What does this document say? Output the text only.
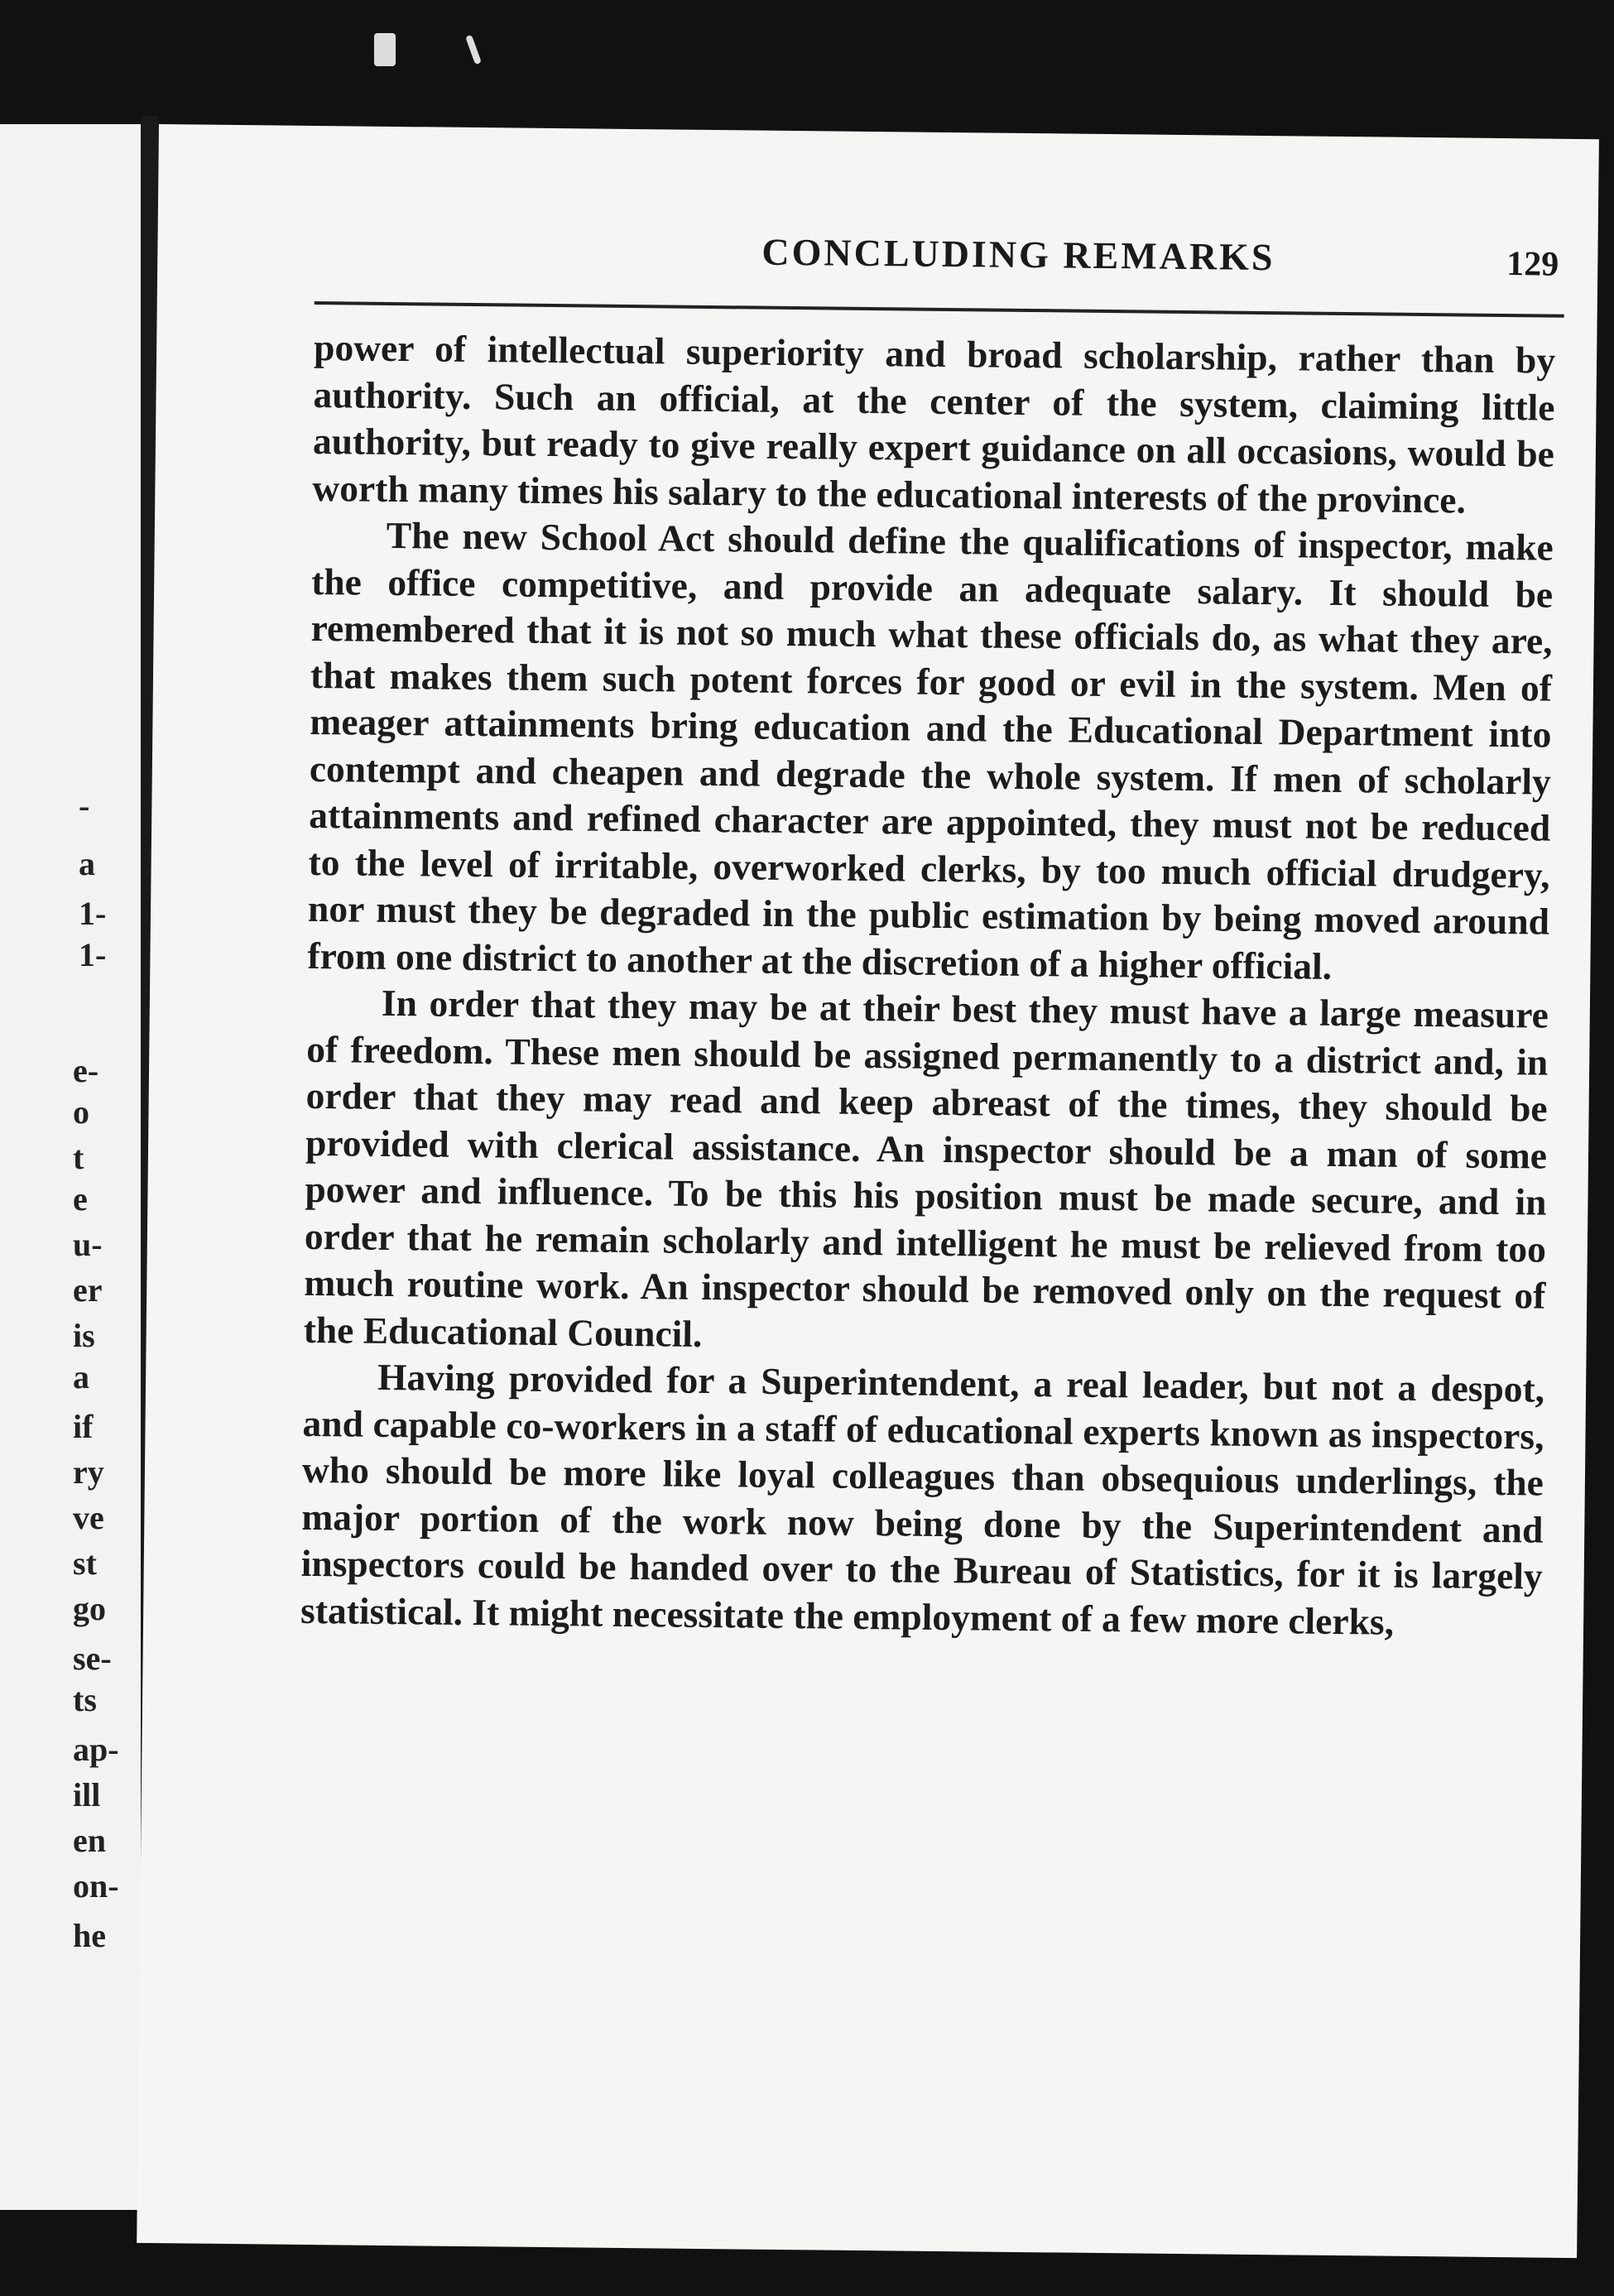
-
a
1-
1-
e-
o
t
e
u-
er
is
a
if
ry
ve
st
go
se-
ts
ap-
ill
en
on-
he
CONCLUDING REMARKS	129

power of intellectual superiority and broad scholarship, rather than by authority. Such an official, at the center of the system, claiming little authority, but ready to give really expert guidance on all occasions, would be worth many times his salary to the educational interests of the province.

The new School Act should define the qualifications of inspector, make the office competitive, and provide an adequate salary. It should be remembered that it is not so much what these officials do, as what they are, that makes them such potent forces for good or evil in the system. Men of meager attainments bring education and the Educational Department into contempt and cheapen and degrade the whole system. If men of scholarly attainments and refined character are appointed, they must not be reduced to the level of irritable, overworked clerks, by too much official drudgery, nor must they be degraded in the public estimation by being moved around from one district to another at the discretion of a higher official.

In order that they may be at their best they must have a large measure of freedom. These men should be assigned permanently to a district and, in order that they may read and keep abreast of the times, they should be provided with clerical assistance. An inspector should be a man of some power and influence. To be this his position must be made secure, and in order that he remain scholarly and intelligent he must be relieved from too much routine work. An inspector should be removed only on the request of the Educational Council.

Having provided for a Superintendent, a real leader, but not a despot, and capable co-workers in a staff of educational experts known as inspectors, who should be more like loyal colleagues than obsequious underlings, the major portion of the work now being done by the Superintendent and inspectors could be handed over to the Bureau of Statistics, for it is largely statistical. It might necessitate the employment of a few more clerks,
